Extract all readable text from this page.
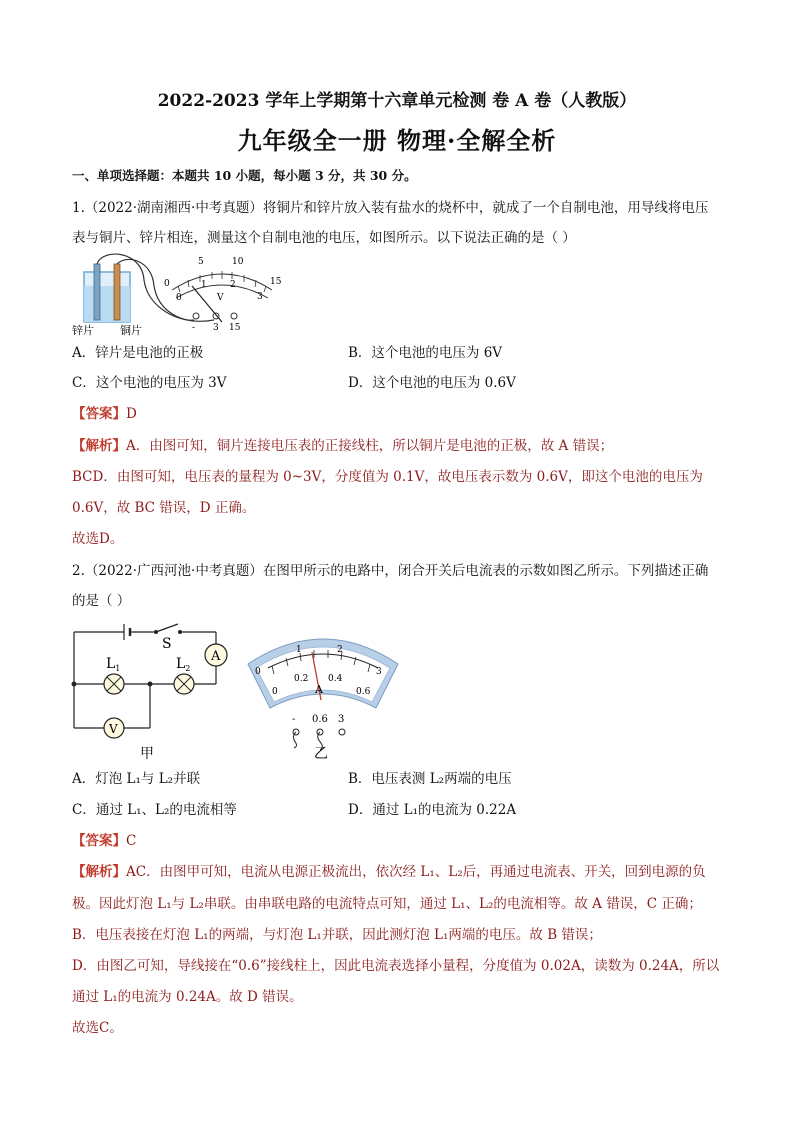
2022-2023 学年上学期第十六章单元检测 卷 A 卷（人教版）
九年级全一册 物理·全解全析
一、单项选择题：本题共 10 小题，每小题 3 分，共 30 分。
1.（2022·湖南湘西·中考真题）将铜片和锌片放入装有盐水的烧杯中，就成了一个自制电池，用导线将电压
表与铜片、锌片相连，测量这个自制电池的电压，如图所示。以下说法正确的是（ ）
0
5	10
15
0
1	2
3
V
- 3 15
锌片 铜片
A．锌片是电池的正极	B．这个电池的电压为 6V
C．这个电池的电压为 3V	D．这个电池的电压为 0.6V
【答案】D
【解析】A．由图可知，铜片连接电压表的正接线柱，所以铜片是电池的正极，故 A 错误；
BCD．由图可知，电压表的量程为 0~3V，分度值为 0.1V，故电压表示数为 0.6V，即这个电池的电压为
0.6V，故 BC 错误，D 正确。
故选D。
2.（2022·广西河池·中考真题）在图甲所示的电路中，闭合开关后电流表的示数如图乙所示。下列描述正确
的是（ ）
A
V
S
$L_1$	$L_2$
甲
0
1	2
3
0
0.2 0.4
0.6
A
- 0.6 3
乙
A．灯泡 L₁与 L₂并联	B．电压表测 L₂两端的电压
C．通过 L₁、L₂的电流相等	D．通过 L₁的电流为 0.22A
【答案】C
【解析】AC．由图甲可知，电流从电源正极流出，依次经 L₁、L₂后，再通过电流表、开关，回到电源的负
极。因此灯泡 L₁与 L₂串联。由串联电路的电流特点可知，通过 L₁、L₂的电流相等。故 A 错误，C 正确；
B．电压表接在灯泡 L₁的两端，与灯泡 L₁并联，因此测灯泡 L₁两端的电压。故 B 错误；
D．由图乙可知，导线接在“0.6”接线柱上，因此电流表选择小量程，分度值为 0.02A，读数为 0.24A，所以
通过 L₁的电流为 0.24A。故 D 错误。
故选C。
